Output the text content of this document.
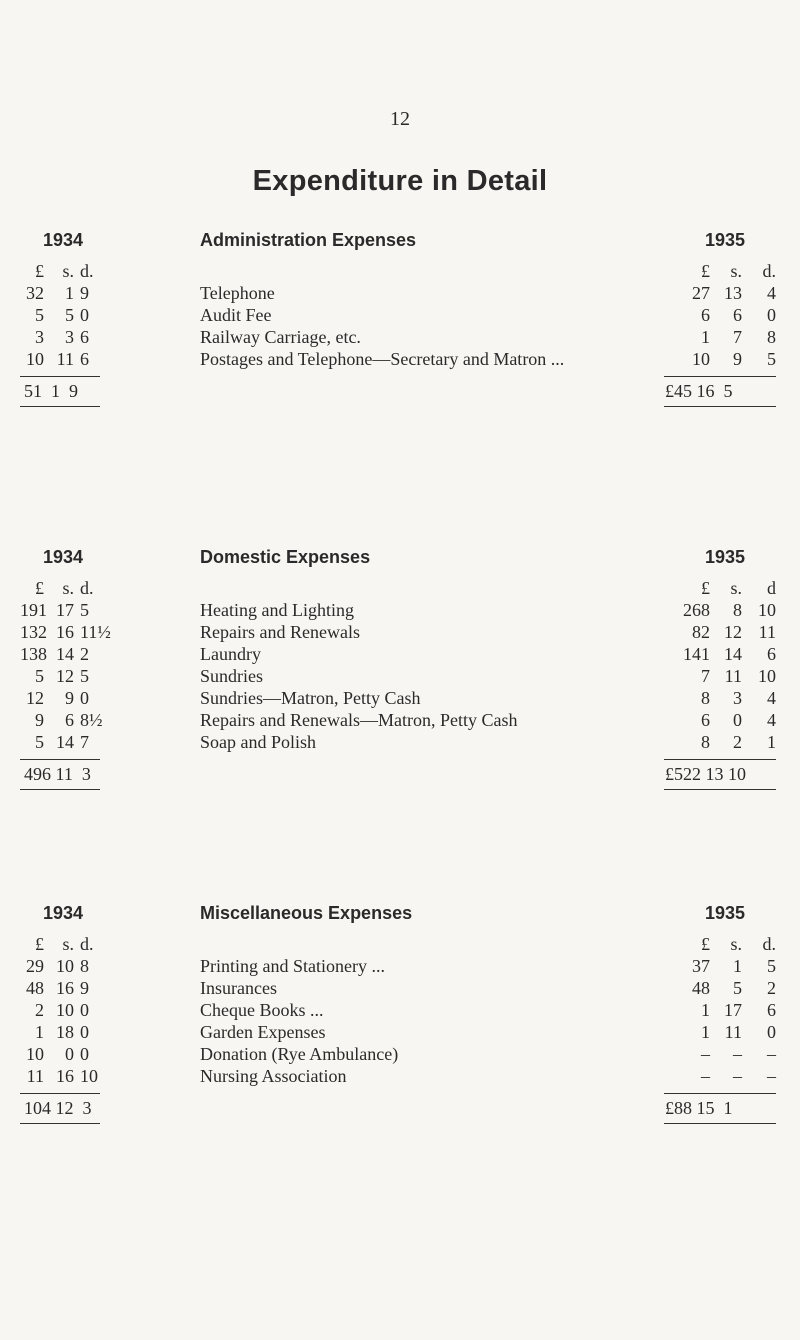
12
Expenditure in Detail
1934	Administration Expenses	1935
£	s. d.	£	s.	d.
32	1 9	Telephone	27 13	4
5	5 0	Audit Fee	6	6	0
3	3 6	Railway Carriage, etc.	1	7	8
10 11 6	Postages and Telephone—Secretary and Matron ...	10	9	5
51  1  9	£45 16  5
1934	Domestic Expenses	1935
£	s. d.	£	s.	d
191 17 5	Heating and Lighting	268	8 10
132 16 11½	Repairs and Renewals	82 12 11
138 14 2	Laundry	141 14	6
5 12 5	Sundries	7 11 10
12	9 0	Sundries—Matron, Petty Cash	8	3	4
9	6 8½	Repairs and Renewals—Matron, Petty Cash	6	0	4
5 14 7	Soap and Polish	8	2	1
496 11  3	£522 13 10
1934	Miscellaneous Expenses	1935
£	s. d.	£	s.	d.
29 10 8	Printing and Stationery ...	37	1	5
48 16 9	Insurances	48	5	2
2 10 0	Cheque Books ...	1 17	6
1 18 0	Garden Expenses	1 11	0
10	0 0	Donation (Rye Ambulance)	–	–	–
11 16 10	Nursing Association	–	–	–
104 12  3	£88 15  1
